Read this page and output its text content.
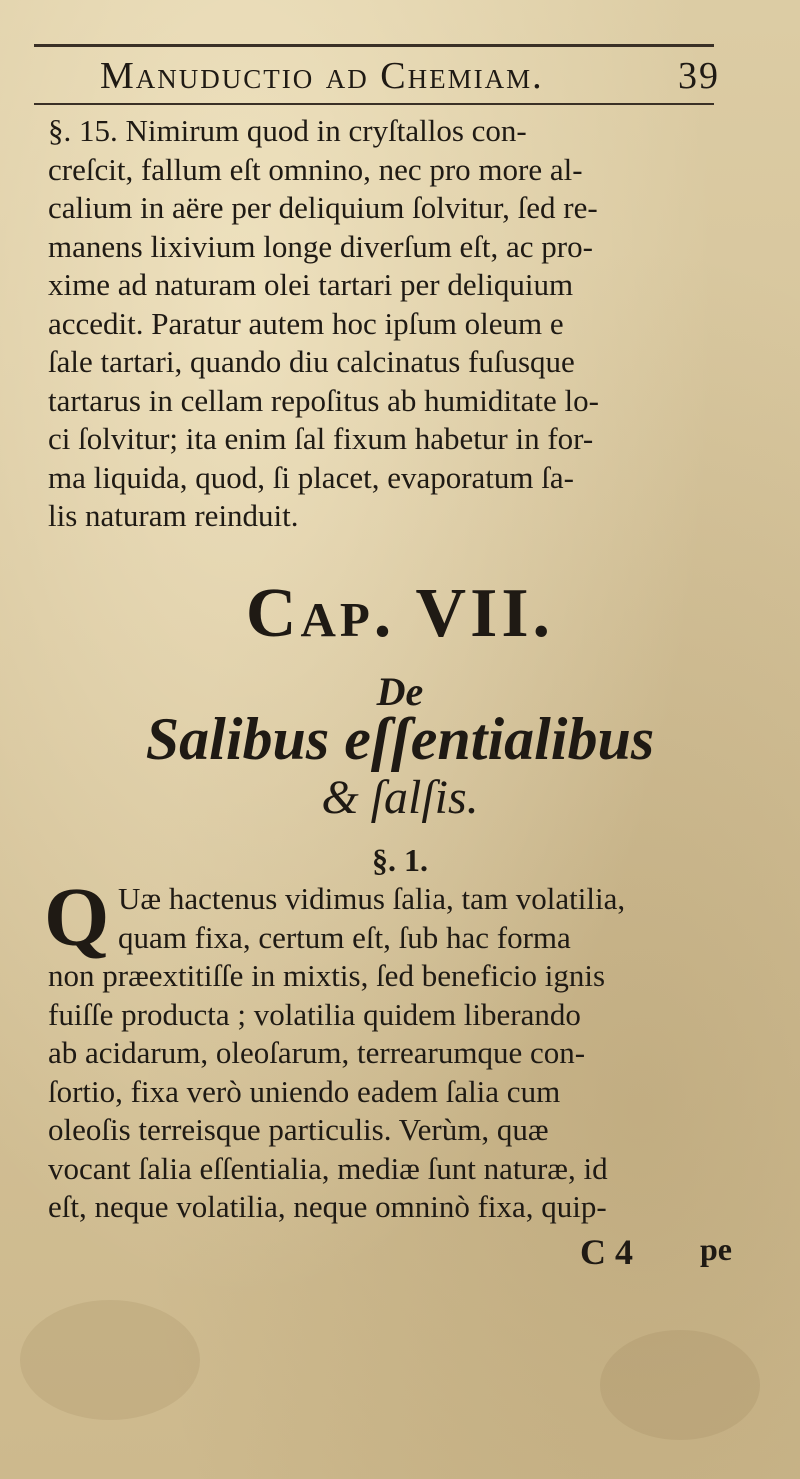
Manuductio ad Chemiam.	39
§. 15. Nimirum quod in cryſtallos con-
creſcit, fallum eſt omnino, nec pro more al-
calium in aëre per deliquium ſolvitur, ſed re-
manens lixivium longe diverſum eſt, ac pro-
xime ad naturam olei tartari per deliquium
accedit. Paratur autem hoc ipſum oleum e
ſale tartari, quando diu calcinatus fuſusque
tartarus in cellam repoſitus ab humiditate lo-
ci ſolvitur; ita enim ſal fixum habetur in for-
ma liquida, quod, ſi placet, evaporatum ſa-
lis naturam reinduit.
Cap. VII.
De
Salibus eſſentialibus
& ſalſis.
§. 1.
Q Uæ hactenus vidimus ſalia, tam volatilia,
quam fixa, certum eſt, ſub hac forma
non præextitiſſe in mixtis, ſed beneficio ignis
fuiſſe producta ; volatilia quidem liberando
ab acidarum, oleoſarum, terrearumque con-
ſortio, fixa verò uniendo eadem ſalia cum
oleoſis terreisque particulis. Verùm, quæ
vocant ſalia eſſentialia, mediæ ſunt naturæ, id
eſt, neque volatilia, neque omninò fixa, quip-
C 4 pe
